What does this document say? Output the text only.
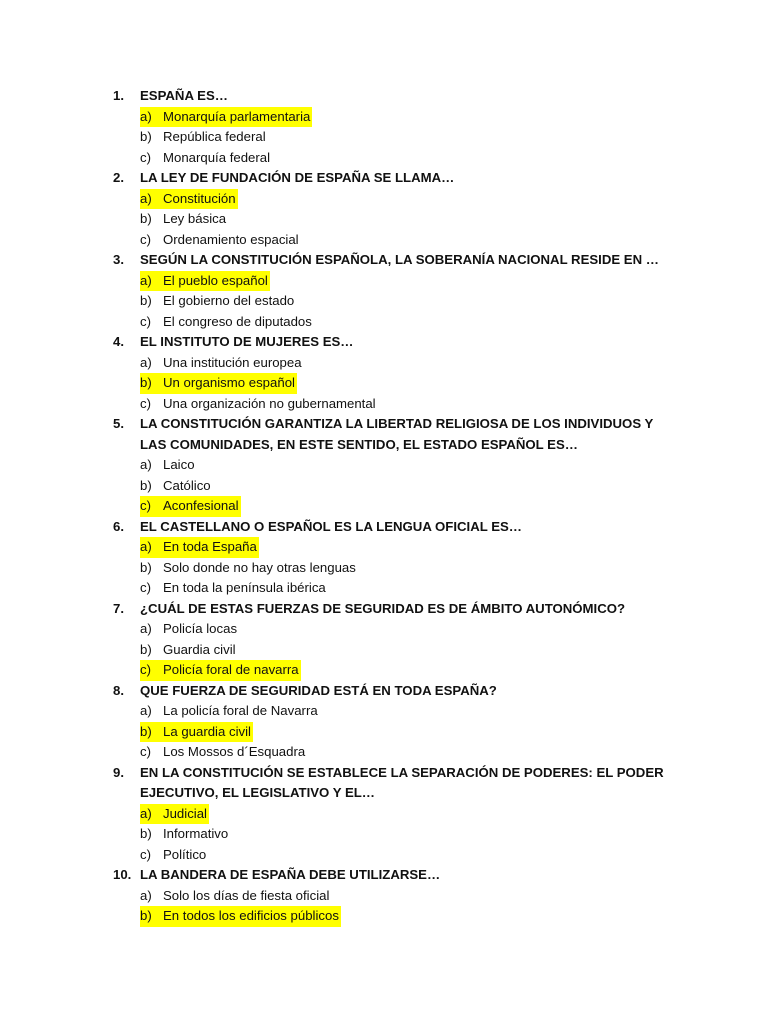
1.	ESPAÑA ES…
a) Monarquía parlamentaria
b) República federal
c) Monarquía federal
2.	LA LEY DE FUNDACIÓN DE ESPAÑA SE LLAMA…
a) Constitución
b) Ley básica
c) Ordenamiento espacial
3.	SEGÚN LA CONSTITUCIÓN ESPAÑOLA, LA SOBERANÍA NACIONAL RESIDE EN …
a) El pueblo español
b) El gobierno del estado
c) El congreso de diputados
4.	EL INSTITUTO DE MUJERES ES…
a) Una institución europea
b) Un organismo español
c) Una organización no gubernamental
5.	LA CONSTITUCIÓN GARANTIZA LA LIBERTAD RELIGIOSA DE LOS INDIVIDUOS Y LAS COMUNIDADES, EN ESTE SENTIDO, EL ESTADO ESPAÑOL ES…
a) Laico
b) Católico
c) Aconfesional
6.	EL CASTELLANO O ESPAÑOL ES LA LENGUA OFICIAL ES…
a) En toda España
b) Solo donde no hay otras lenguas
c) En toda la península ibérica
7.	¿CUÁL DE ESTAS FUERZAS DE SEGURIDAD ES DE ÁMBITO AUTONÓMICO?
a) Policía locas
b) Guardia civil
c) Policía foral de navarra
8.	QUE FUERZA DE SEGURIDAD ESTÁ EN TODA ESPAÑA?
a) La policía foral de Navarra
b) La guardia civil
c) Los Mossos d´Esquadra
9.	EN LA CONSTITUCIÓN SE ESTABLECE LA SEPARACIÓN DE PODERES: EL PODER EJECUTIVO, EL LEGISLATIVO Y EL…
a) Judicial
b) Informativo
c) Político
10. LA BANDERA DE ESPAÑA DEBE UTILIZARSE…
a) Solo los días de fiesta oficial
b) En todos los edificios públicos
